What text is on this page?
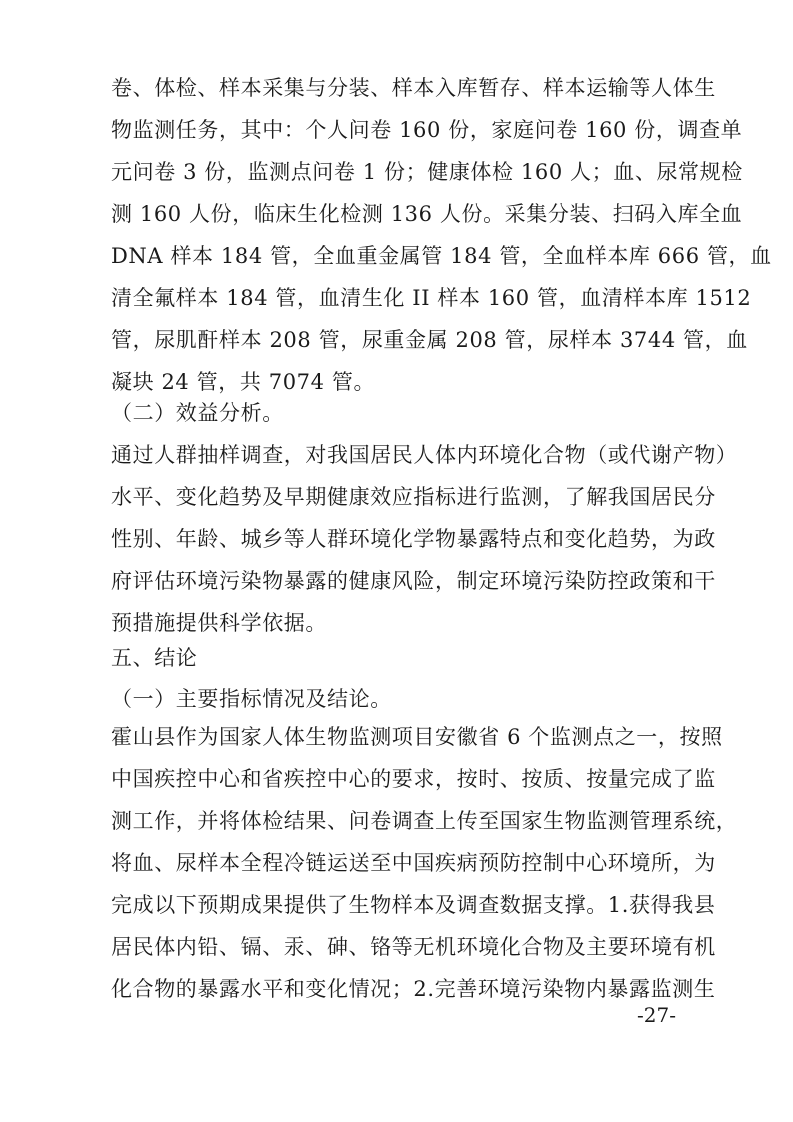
卷、体检、样本采集与分装、样本入库暂存、样本运输等人体生
物监测任务，其中：个人问卷 160 份，家庭问卷 160 份，调查单
元问卷 3 份，监测点问卷 1 份；健康体检 160 人；血、尿常规检
测 160 人份，临床生化检测 136 人份。采集分装、扫码入库全血
DNA 样本 184 管，全血重金属管 184 管，全血样本库 666 管，血
清全氟样本 184 管，血清生化 II 样本 160 管，血清样本库 1512
管，尿肌酐样本 208 管，尿重金属 208 管，尿样本 3744 管，血
凝块 24 管，共 7074 管。
（二）效益分析。
通过人群抽样调查，对我国居民人体内环境化合物（或代谢产物）
水平、变化趋势及早期健康效应指标进行监测，了解我国居民分
性别、年龄、城乡等人群环境化学物暴露特点和变化趋势，为政
府评估环境污染物暴露的健康风险，制定环境污染防控政策和干
预措施提供科学依据。
五、结论
（一）主要指标情况及结论。
霍山县作为国家人体生物监测项目安徽省 6 个监测点之一，按照
中国疾控中心和省疾控中心的要求，按时、按质、按量完成了监
测工作，并将体检结果、问卷调查上传至国家生物监测管理系统，
将血、尿样本全程冷链运送至中国疾病预防控制中心环境所，为
完成以下预期成果提供了生物样本及调查数据支撑。1.获得我县
居民体内铅、镉、汞、砷、铬等无机环境化合物及主要环境有机
化合物的暴露水平和变化情况；2.完善环境污染物内暴露监测生
-27-
